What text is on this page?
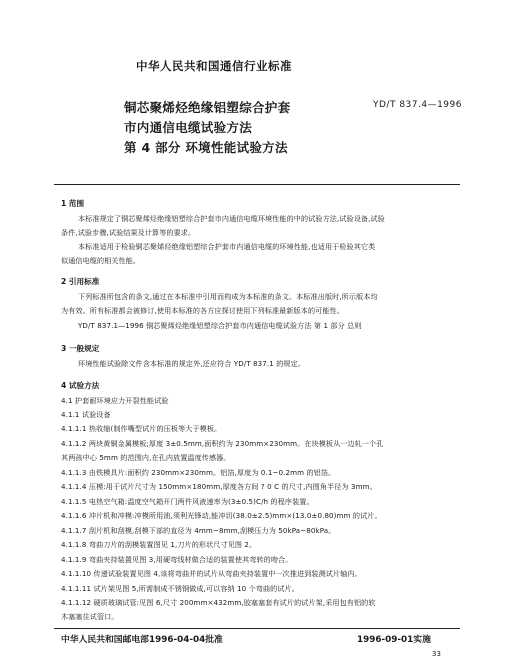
中华人民共和国通信行业标准
铜芯聚烯烃绝缘铝塑综合护套	YD/T 837.4—1996
市内通信电缆试验方法
第 4 部分 环境性能试验方法
1 范围
本标准规定了铜芯聚烯烃绝缘铝塑综合护套市内通信电缆环境性能的中的试验方法,试验设备,试验
条件,试验步骤,试验结果及计算等的要求。
本标准适用于检验铜芯聚烯烃绝缘铝塑综合护套市内通信电缆的环境性能,也适用于检验其它类
似通信电缆的相关性能。
2 引用标准
下列标准所包含的条文,通过在本标准中引用而构成为本标准的条文。本标准出版时,所示版本均
为有效。所有标准都会被修订,使用本标准的各方应探讨使用下列标准最新版本的可能性。
YD/T 837.1—1996 铜芯聚烯烃绝缘铝塑综合护套市内通信电缆试验方法 第 1 部分 总则
3 一般规定
环境性能试验除文件含本标准的规定外,还应符合 YD/T 837.1 的规定。
4 试验方法
4.1 护套耐环境应力开裂性能试验
4.1.1 试验设备
4.1.1.1 热收缩(制作嘴型试片的压板等大于模板。
4.1.1.2 两块黄铜金属模板;厚度 3±0.5mm,面积约为 230mm×230mm。在块模板从一边轧一个孔
其两孩中心 5mm 的范围内,在孔内放置温度传感器。
4.1.1.3 由铁模具片:面积约 230mm×230mm。铝箔,厚度为 0.1~0.2mm 的铝箔。
4.1.1.4 压模:用于试片尺寸为 150mm×180mm,厚度各方间 ? 0 C 的尺寸,内围角半径为 3mm。
4.1.1.5 电热空气箱:温度空气箱开门两件风液速率为(3±0.5)C/h 的程序装置。
4.1.1.6 冲片机和冲模:冲模所用油,须利光锋动,能冲切(38.0±2.5)mm×(13.0±0.80)mm 的试片。
4.1.1.7 刮片机和刮模,刮模下部的直径为 4mm~8mm,刮模压力为 50kPa~80kPa。
4.1.1.8 弯曲刀片的刮模装置图见 1,刀片的形状尺寸见图 2。
4.1.1.9 弯曲夹持装置见图 3,用硬弯线材做合适的装置使其弯转的吻合。
4.1.1.10 传递试验装置见图 4,该将弯曲并的试片从弯曲夹持装置中一次推进到装测试片轴内。
4.1.1.11 试片架见图 5,所需制成不锈钢做成,可以容纳 10 个弯曲的试片。
4.1.1.12 硬质玻璃试管:见图 6,尺寸 200mm×432mm,胶塞塞套有试片的试片架,采用包有铝的软
木塞塞住试管口。
中华人民共和国邮电部1996-04-04批准	1996-09-01实施
33
